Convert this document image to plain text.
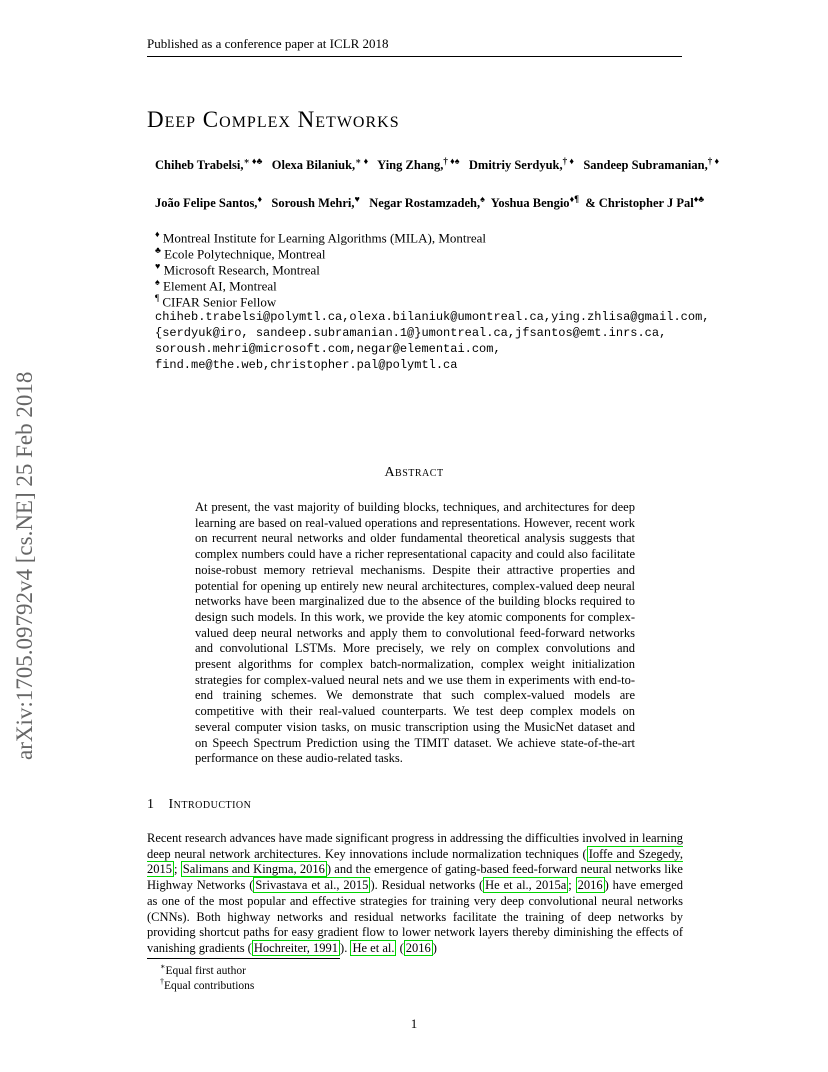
Published as a conference paper at ICLR 2018
arXiv:1705.09792v4 [cs.NE] 25 Feb 2018
Deep Complex Networks
Chiheb Trabelsi,∗ ♦♣ Olexa Bilaniuk,∗ ♦ Ying Zhang,† ♦♠ Dmitriy Serdyuk,† ♦ Sandeep Subramanian,† ♦
João Felipe Santos,♦ Soroush Mehri,♥ Negar Rostamzadeh,♠ Yoshua Bengio♦¶ & Christopher J Pal♦♣
♦ Montreal Institute for Learning Algorithms (MILA), Montreal
♣ Ecole Polytechnique, Montreal
♥ Microsoft Research, Montreal
♠ Element AI, Montreal
¶ CIFAR Senior Fellow
chiheb.trabelsi@polymtl.ca,olexa.bilaniuk@umontreal.ca,ying.zhlisa@gmail.com,
{serdyuk@iro, sandeep.subramanian.1@}umontreal.ca,jfsantos@emt.inrs.ca,
soroush.mehri@microsoft.com,negar@elementai.com,
find.me@the.web,christopher.pal@polymtl.ca
Abstract
At present, the vast majority of building blocks, techniques, and architectures for deep learning are based on real-valued operations and representations. However, recent work on recurrent neural networks and older fundamental theoretical analysis suggests that complex numbers could have a richer representational capacity and could also facilitate noise-robust memory retrieval mechanisms. Despite their attractive properties and potential for opening up entirely new neural architectures, complex-valued deep neural networks have been marginalized due to the absence of the building blocks required to design such models. In this work, we provide the key atomic components for complex-valued deep neural networks and apply them to convolutional feed-forward networks and convolutional LSTMs. More precisely, we rely on complex convolutions and present algorithms for complex batch-normalization, complex weight initialization strategies for complex-valued neural nets and we use them in experiments with end-to-end training schemes. We demonstrate that such complex-valued models are competitive with their real-valued counterparts. We test deep complex models on several computer vision tasks, on music transcription using the MusicNet dataset and on Speech Spectrum Prediction using the TIMIT dataset. We achieve state-of-the-art performance on these audio-related tasks.
1 Introduction
Recent research advances have made significant progress in addressing the difficulties involved in learning deep neural network architectures. Key innovations include normalization techniques ( Ioffe and Szegedy, 2015 ; Salimans and Kingma, 2016 ) and the emergence of gating-based feed-forward neural networks like Highway Networks ( Srivastava et al., 2015 ). Residual networks ( He et al., 2015a ; 2016 ) have emerged as one of the most popular and effective strategies for training very deep convolutional neural networks (CNNs). Both highway networks and residual networks facilitate the training of deep networks by providing shortcut paths for easy gradient flow to lower network layers thereby diminishing the effects of vanishing gradients ( Hochreiter, 1991 ). He et al. ( 2016 )
∗Equal first author
†Equal contributions
1
